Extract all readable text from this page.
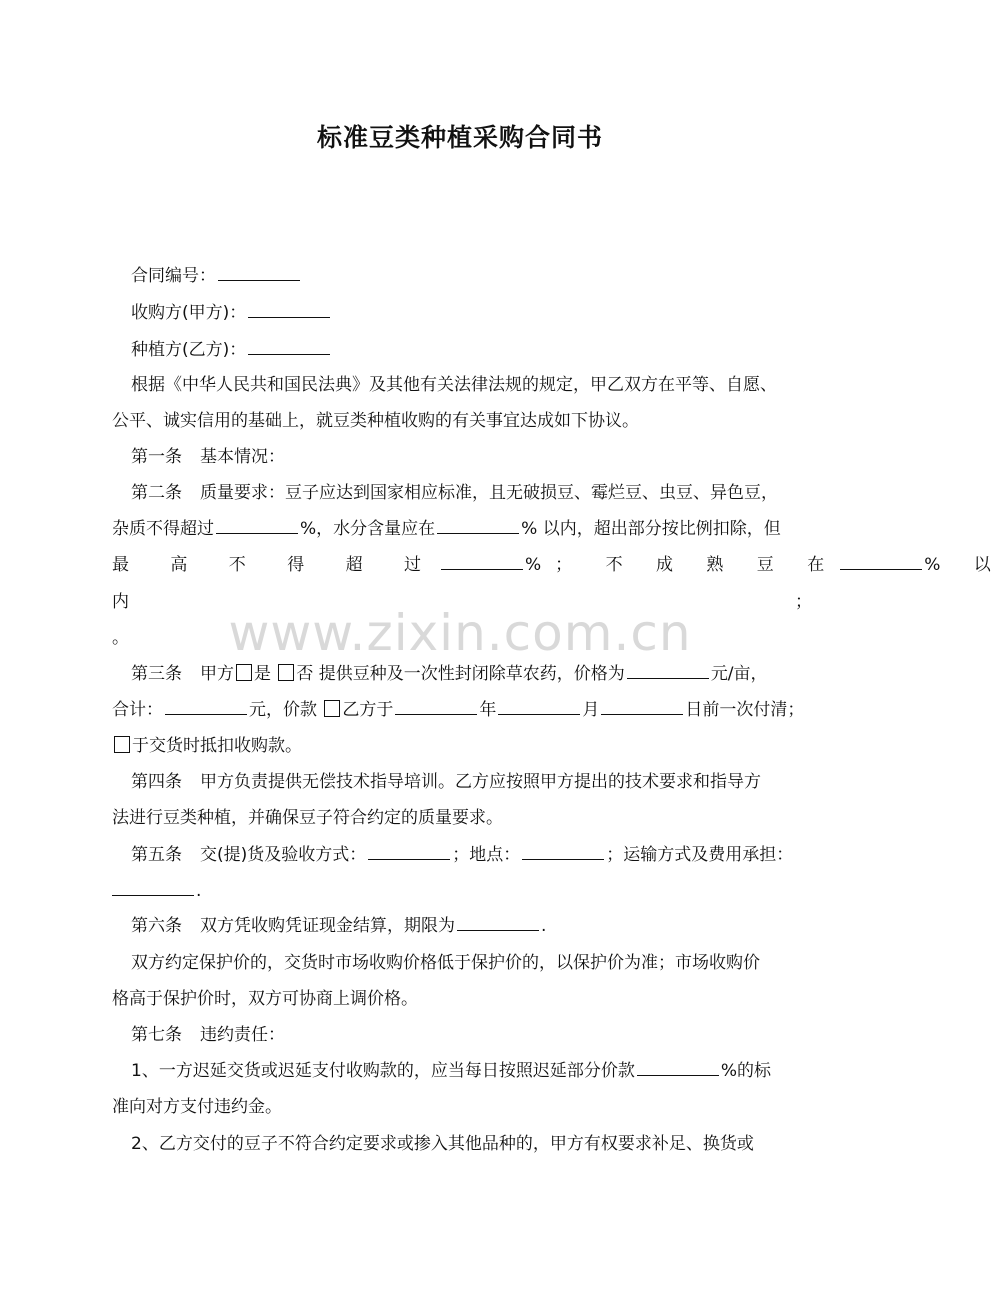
标准豆类种植采购合同书
合同编号：
收购方(甲方)：
种植方(乙方)：
根据《中华人民共和国民法典》及其他有关法律法规的规定，甲乙双方在平等、自愿、
公平、诚实信用的基础上，就豆类种植收购的有关事宜达成如下协议。
第一条 基本情况：
第二条 质量要求：豆子应达到国家相应标准，且无破损豆、霉烂豆、虫豆、异色豆，
杂质不得超过	%，水分含量应在	% 以内，超出部分按比例扣除，但
最 高 不 得 超 过	%； 不 成 熟 豆 在	% 以
内	；
。
第三条 甲方 是 否 提供豆种及一次性封闭除草农药，价格为	元/亩，
合计：	元，价款 乙方于	年	月	日前一次付清；
于交货时抵扣收购款。
第四条 甲方负责提供无偿技术指导培训。乙方应按照甲方提出的技术要求和指导方
法进行豆类种植，并确保豆子符合约定的质量要求。
第五条 交(提)货及验收方式：	；地点：	；运输方式及费用承担：
.
第六条 双方凭收购凭证现金结算，期限为	.
双方约定保护价的，交货时市场收购价格低于保护价的，以保护价为准；市场收购价
格高于保护价时，双方可协商上调价格。
第七条 违约责任：
1、一方迟延交货或迟延支付收购款的，应当每日按照迟延部分价款	%的标
准向对方支付违约金。
2、乙方交付的豆子不符合约定要求或掺入其他品种的，甲方有权要求补足、换货或
www.zixin.com.cn
